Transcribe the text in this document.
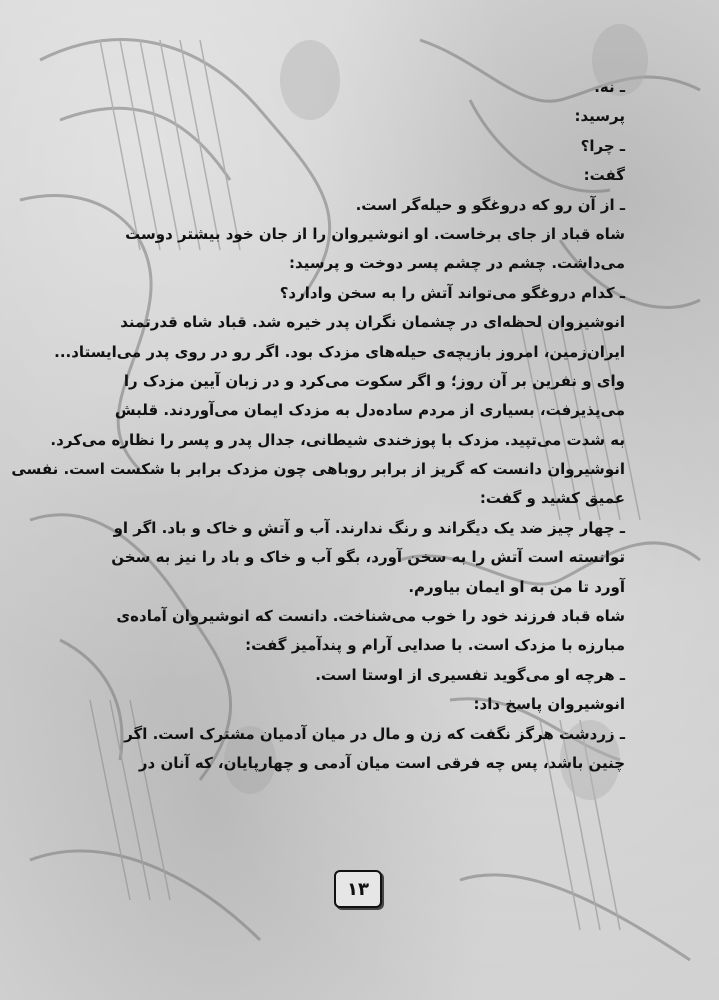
ـ نه.
پرسید:
ـ چرا؟
گفت:
ـ از آن رو که دروغگو و حیله‌گر است.
شاه قباد از جای برخاست. او انوشیروان را از جان خود بیشتر دوست
می‌داشت. چشم در چشم پسر دوخت و پرسید:
ـ کدام دروغگو می‌تواند آتش را به سخن وادارد؟
انوشیروان لحظه‌ای در چشمان نگران پدر خیره شد. قباد شاه قدرتمند
ایران‌زمین، امروز بازیچه‌ی حیله‌های مزدک بود. اگر رو در روی پدر می‌ایستاد...
وای و نفرین بر آن روز؛ و اگر سکوت می‌کرد و در زبان آیین مزدک را
می‌پذیرفت، بسیاری از مردم ساده‌دل به مزدک ایمان می‌آوردند. قلبش
به شدت می‌تپید. مزدک با پوزخندی شیطانی، جدال پدر و پسر را نظاره می‌کرد.
انوشیروان دانست که گریز از برابر روباهی چون مزدک برابر با شکست است. نفسی
عمیق کشید و گفت:
ـ چهار چیز ضد یک دیگراند و رنگ ندارند. آب و آتش و خاک و باد. اگر او
توانسته است آتش را به سخن آورد، بگو آب و خاک و باد را نیز به سخن
آورد تا من به او ایمان بیاورم.
شاه قباد فرزند خود را خوب می‌شناخت. دانست که انوشیروان آماده‌ی
مبارزه با مزدک است. با صدایی آرام و پندآمیز گفت:
ـ هرچه او می‌گوید تفسیری از اوستا است.
انوشیروان پاسخ داد:
ـ زردشت هرگز نگفت که زن و مال در میان آدمیان مشترک است. اگر
چنین باشد، پس چه فرقی است میان آدمی و چهارپایان، که آنان در
۱۳
